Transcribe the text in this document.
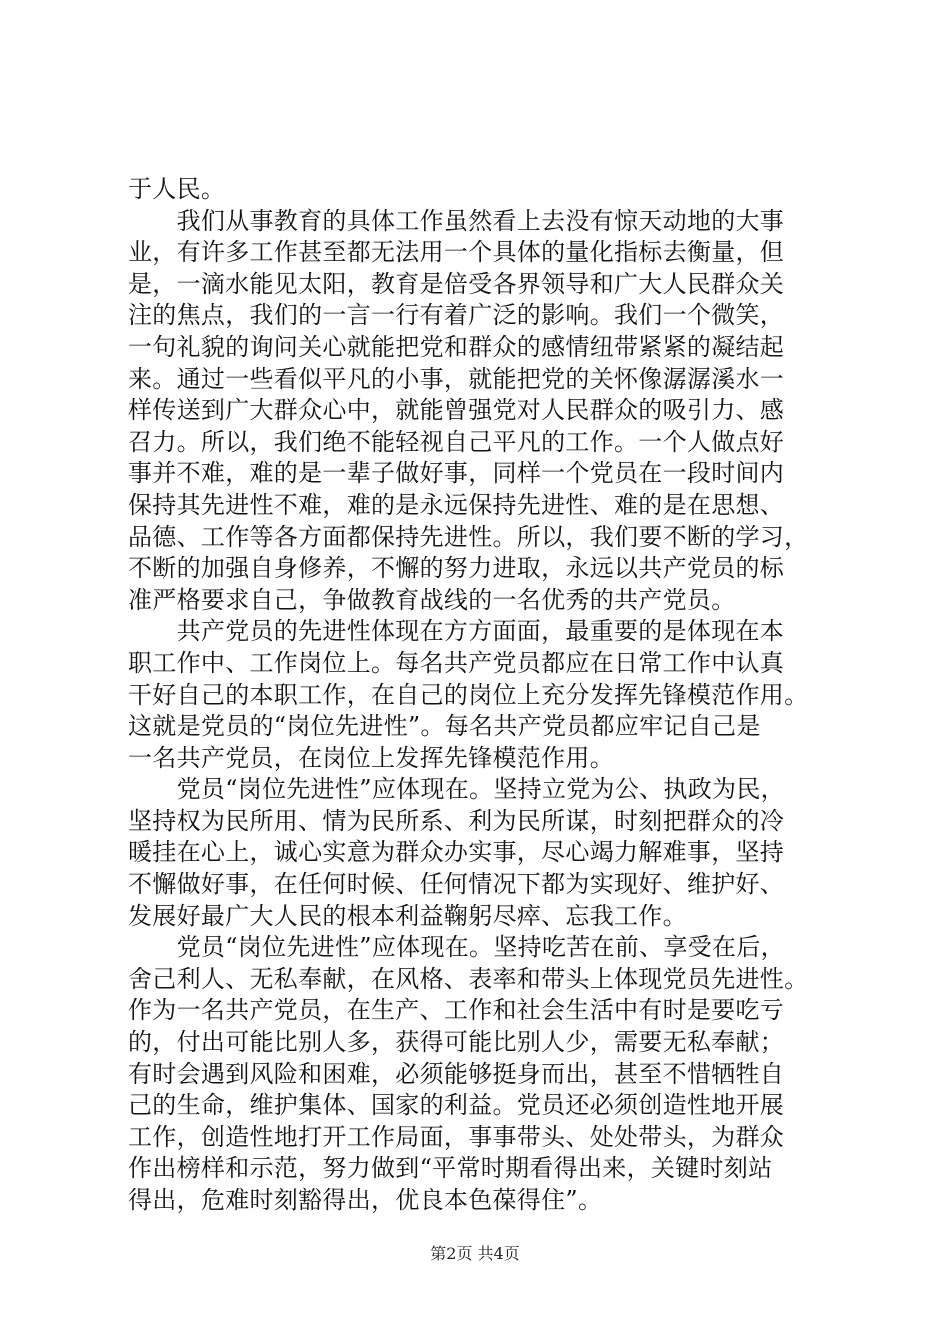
于人民。
　　我们从事教育的具体工作虽然看上去没有惊天动地的大事
业，有许多工作甚至都无法用一个具体的量化指标去衡量，但
是，一滴水能见太阳，教育是倍受各界领导和广大人民群众关
注的焦点，我们的一言一行有着广泛的影响。我们一个微笑，
一句礼貌的询问关心就能把党和群众的感情纽带紧紧的凝结起
来。通过一些看似平凡的小事，就能把党的关怀像潺潺溪水一
样传送到广大群众心中，就能曾强党对人民群众的吸引力、感
召力。所以，我们绝不能轻视自己平凡的工作。一个人做点好
事并不难，难的是一辈子做好事，同样一个党员在一段时间内
保持其先进性不难，难的是永远保持先进性、难的是在思想、
品德、工作等各方面都保持先进性。所以，我们要不断的学习，
不断的加强自身修养，不懈的努力进取，永远以共产党员的标
准严格要求自己，争做教育战线的一名优秀的共产党员。
　　共产党员的先进性体现在方方面面，最重要的是体现在本
职工作中、工作岗位上。每名共产党员都应在日常工作中认真
干好自己的本职工作，在自己的岗位上充分发挥先锋模范作用。
这就是党员的“岗位先进性”。每名共产党员都应牢记自己是
一名共产党员，在岗位上发挥先锋模范作用。
　　党员“岗位先进性”应体现在。坚持立党为公、执政为民，
坚持权为民所用、情为民所系、利为民所谋，时刻把群众的冷
暖挂在心上，诚心实意为群众办实事，尽心竭力解难事，坚持
不懈做好事，在任何时候、任何情况下都为实现好、维护好、
发展好最广大人民的根本利益鞠躬尽瘁、忘我工作。
　　党员“岗位先进性”应体现在。坚持吃苦在前、享受在后，
舍己利人、无私奉献，在风格、表率和带头上体现党员先进性。
作为一名共产党员，在生产、工作和社会生活中有时是要吃亏
的，付出可能比别人多，获得可能比别人少，需要无私奉献；
有时会遇到风险和困难，必须能够挺身而出，甚至不惜牺牲自
己的生命，维护集体、国家的利益。党员还必须创造性地开展
工作，创造性地打开工作局面，事事带头、处处带头，为群众
作出榜样和示范，努力做到“平常时期看得出来，关键时刻站
得出，危难时刻豁得出，优良本色葆得住”。
第2页 共4页
